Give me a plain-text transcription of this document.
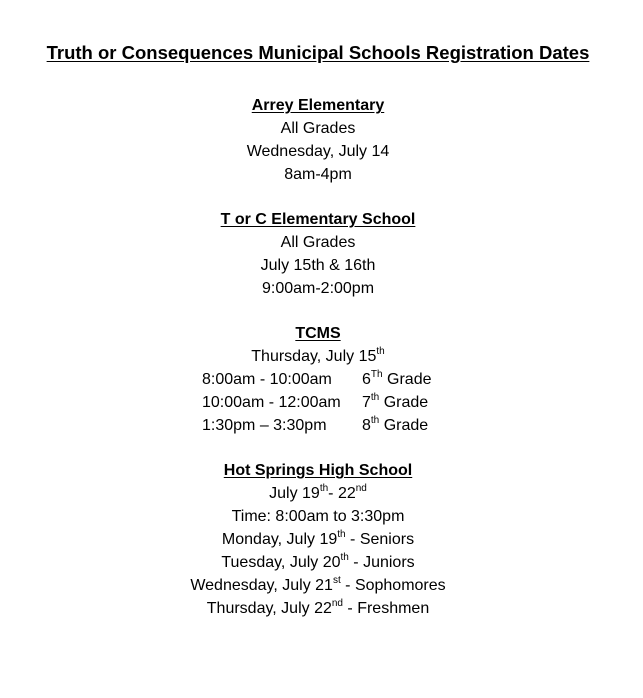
Truth or Consequences Municipal Schools Registration Dates
Arrey Elementary
All Grades
Wednesday, July 14
8am-4pm
T or C Elementary School
All Grades
July 15th & 16th
9:00am-2:00pm
TCMS
Thursday, July 15th
8:00am - 10:00am	6Th Grade
10:00am - 12:00am	7th Grade
1:30pm – 3:30pm	8th Grade
Hot Springs High School
July 19th- 22nd
Time: 8:00am to 3:30pm
Monday, July 19th - Seniors
Tuesday, July 20th - Juniors
Wednesday, July 21st - Sophomores
Thursday, July 22nd - Freshmen
